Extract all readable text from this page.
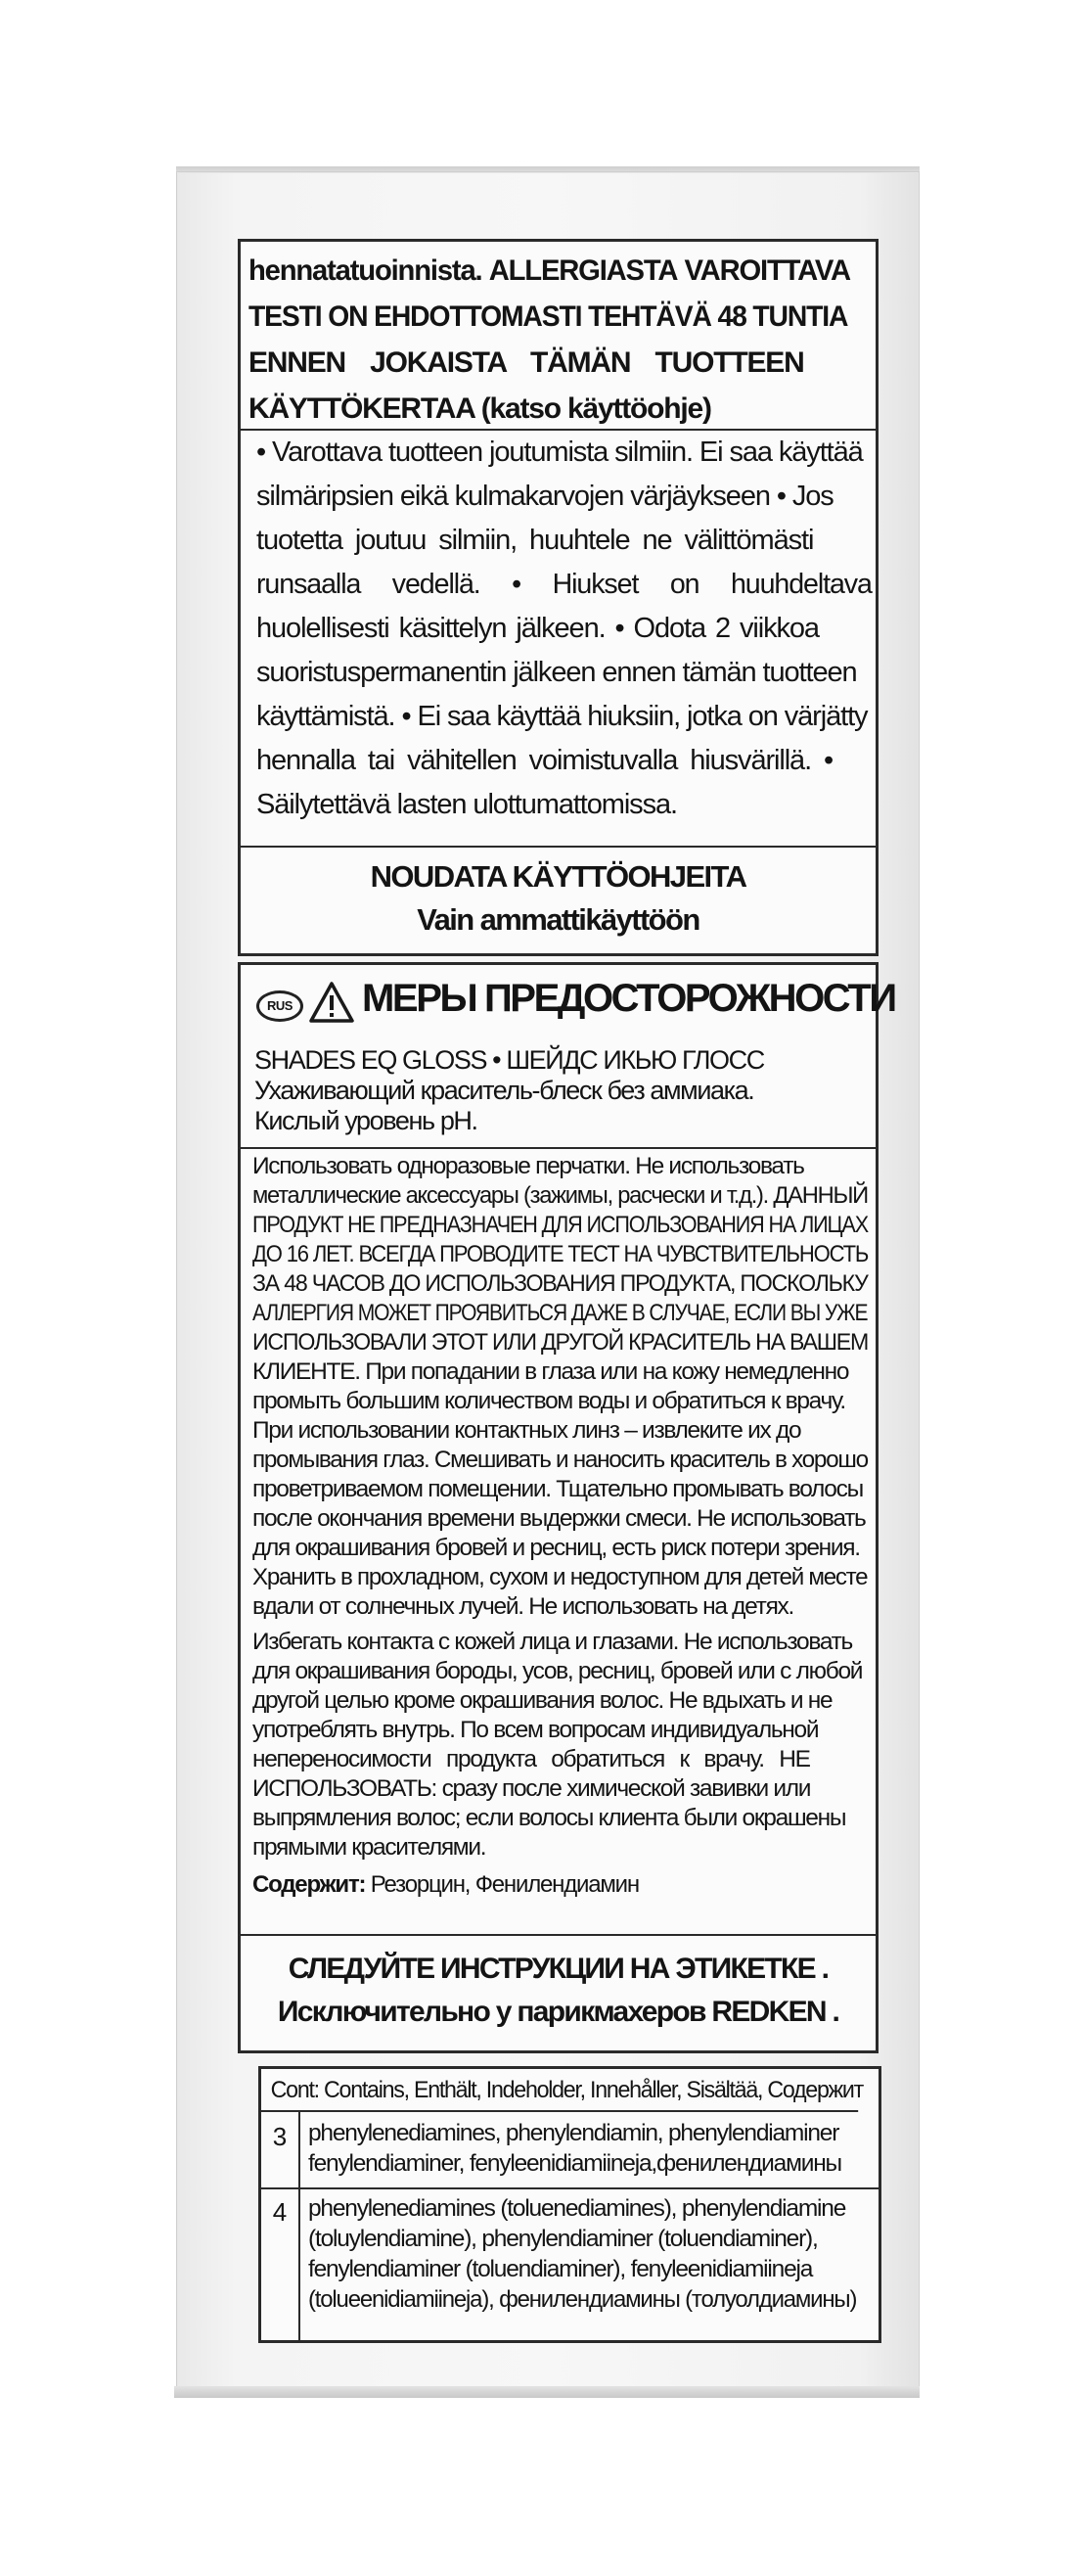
hennatatuoinnista. ALLERGIASTA VAROITTAVA
TESTI ON EHDOTTOMASTI TEHTÄVÄ 48 TUNTIA
ENNEN JOKAISTA TÄMÄN TUOTTEEN
KÄYTTÖKERTAA (katso käyttöohje)
• Varottava tuotteen joutumista silmiin. Ei saa käyttää
silmäripsien eikä kulmakarvojen värjäykseen • Jos
tuotetta joutuu silmiin, huuhtele ne välittömästi
runsaalla vedellä. • Hiukset on huuhdeltava
huolellisesti käsittelyn jälkeen. • Odota 2 viikkoa
suoristuspermanentin jälkeen ennen tämän tuotteen
käyttämistä. • Ei saa käyttää hiuksiin, jotka on värjätty
hennalla tai vähitellen voimistuvalla hiusvärillä. •
Säilytettävä lasten ulottumattomissa.
NOUDATA KÄYTTÖOHJEITA
Vain ammattikäyttöön
RUS МЕРЫ ПРЕДОСТОРОЖНОСТИ
SHADES EQ GLOSS • ШЕЙДС ИКЬЮ ГЛОСС
Ухаживающий краситель-блеск без аммиака.
Кислый уровень pH.
Использовать одноразовые перчатки. Не использовать
металлические аксессуары (зажимы, расчески и т.д.). ДАННЫЙ
ПРОДУКТ НЕ ПРЕДНАЗНАЧЕН ДЛЯ ИСПОЛЬЗОВАНИЯ НА ЛИЦАХ
ДО 16 ЛЕТ. ВСЕГДА ПРОВОДИТЕ ТЕСТ НА ЧУВСТВИТЕЛЬНОСТЬ
ЗА 48 ЧАСОВ ДО ИСПОЛЬЗОВАНИЯ ПРОДУКТА, ПОСКОЛЬКУ
АЛЛЕРГИЯ МОЖЕТ ПРОЯВИТЬСЯ ДАЖЕ В СЛУЧАЕ, ЕСЛИ ВЫ УЖЕ
ИСПОЛЬЗОВАЛИ ЭТОТ ИЛИ ДРУГОЙ КРАСИТЕЛЬ НА ВАШЕМ
КЛИЕНТЕ. При попадании в глаза или на кожу немедленно
промыть большим количеством воды и обратиться к врачу.
При использовании контактных линз – извлеките их до
промывания глаз. Смешивать и наносить краситель в хорошо
проветриваемом помещении. Тщательно промывать волосы
после окончания времени выдержки смеси. Не использовать
для окрашивания бровей и ресниц, есть риск потери зрения.
Хранить в прохладном, сухом и недоступном для детей месте
вдали от солнечных лучей. Не использовать на детях.
Избегать контакта с кожей лица и глазами. Не использовать
для окрашивания бороды, усов, ресниц, бровей или с любой
другой целью кроме окрашивания волос. Не вдыхать и не
употреблять внутрь. По всем вопросам индивидуальной
непереносимости продукта обратиться к врачу. НЕ
ИСПОЛЬЗОВАТЬ: сразу после химической завивки или
выпрямления волос; если волосы клиента были окрашены
прямыми красителями.
Содержит: Резорцин, Фенилендиамин
СЛЕДУЙТЕ ИНСТРУКЦИИ НА ЭТИКЕТКЕ .
Исключительно у парикмахеров REDKEN .
Cont: Contains, Enthält, Indeholder, Innehåller, Sisältää, Содержит
3 phenylenediamines, phenylendiamin, phenylendiaminer
fenylendiaminer, fenyleenidiamiineja,фенилендиамины
4 phenylenediamines (toluenediamines), phenylendiamine
(toluylendiamine), phenylendiaminer (toluendiaminer),
fenylendiaminer (toluendiaminer), fenyleenidiamiineja
(tolueenidiamiineja), фенилендиамины (толуолдиамины)
